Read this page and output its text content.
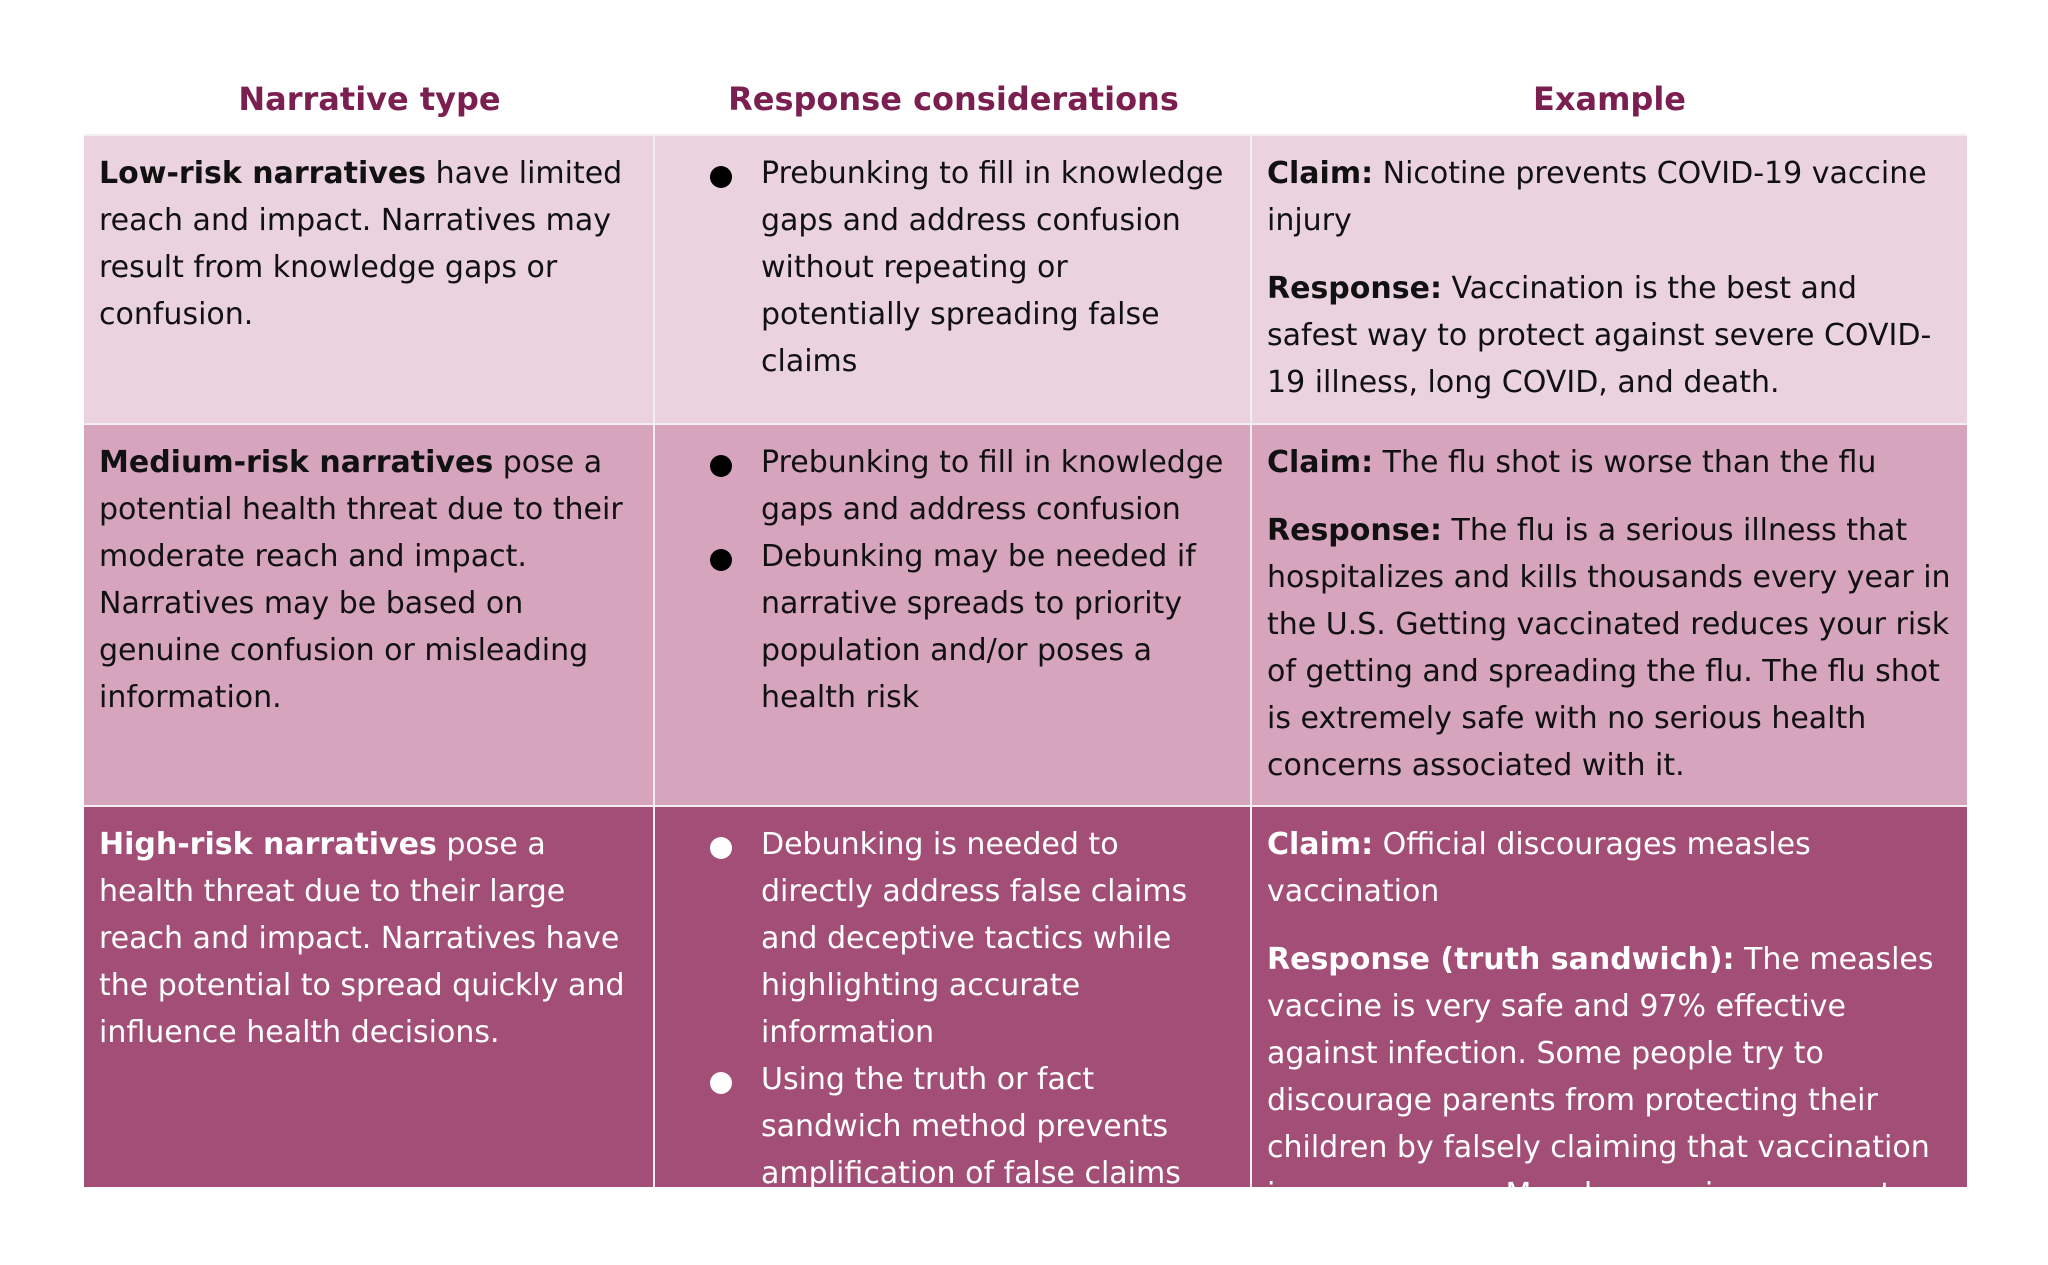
Narrative type	Response considerations	Example
Low-risk narratives have limited reach and impact. Narratives may result from knowledge gaps or confusion.
Prebunking to fill in knowledge gaps and address confusion without repeating or potentially spreading false claims

Claim: Nicotine prevents COVID-19 vaccine injury

Response: Vaccination is the best and safest way to protect against severe COVID-19 illness, long COVID, and death.

Medium-risk narratives pose a potential health threat due to their moderate reach and impact. Narratives may be based on genuine confusion or misleading information.
Prebunking to fill in knowledge gaps and address confusion
Debunking may be needed if narrative spreads to priority population and/or poses a health risk

Claim: The flu shot is worse than the flu

Response: The flu is a serious illness that hospitalizes and kills thousands every year in the U.S. Getting vaccinated reduces your risk of getting and spreading the flu. The flu shot is extremely safe with no serious health concerns associated with it.

High-risk narratives pose a health threat due to their large reach and impact. Narratives have the potential to spread quickly and influence health decisions.
Debunking is needed to directly address false claims and deceptive tactics while highlighting accurate information
Using the truth or fact sandwich method prevents amplification of false claims

Claim: Official discourages measles vaccination

Response (truth sandwich): The measles vaccine is very safe and 97% effective against infection. Some people try to discourage parents from protecting their children by falsely claiming that vaccination is unnecessary. Measles vaccines prevent outbreaks and protect
